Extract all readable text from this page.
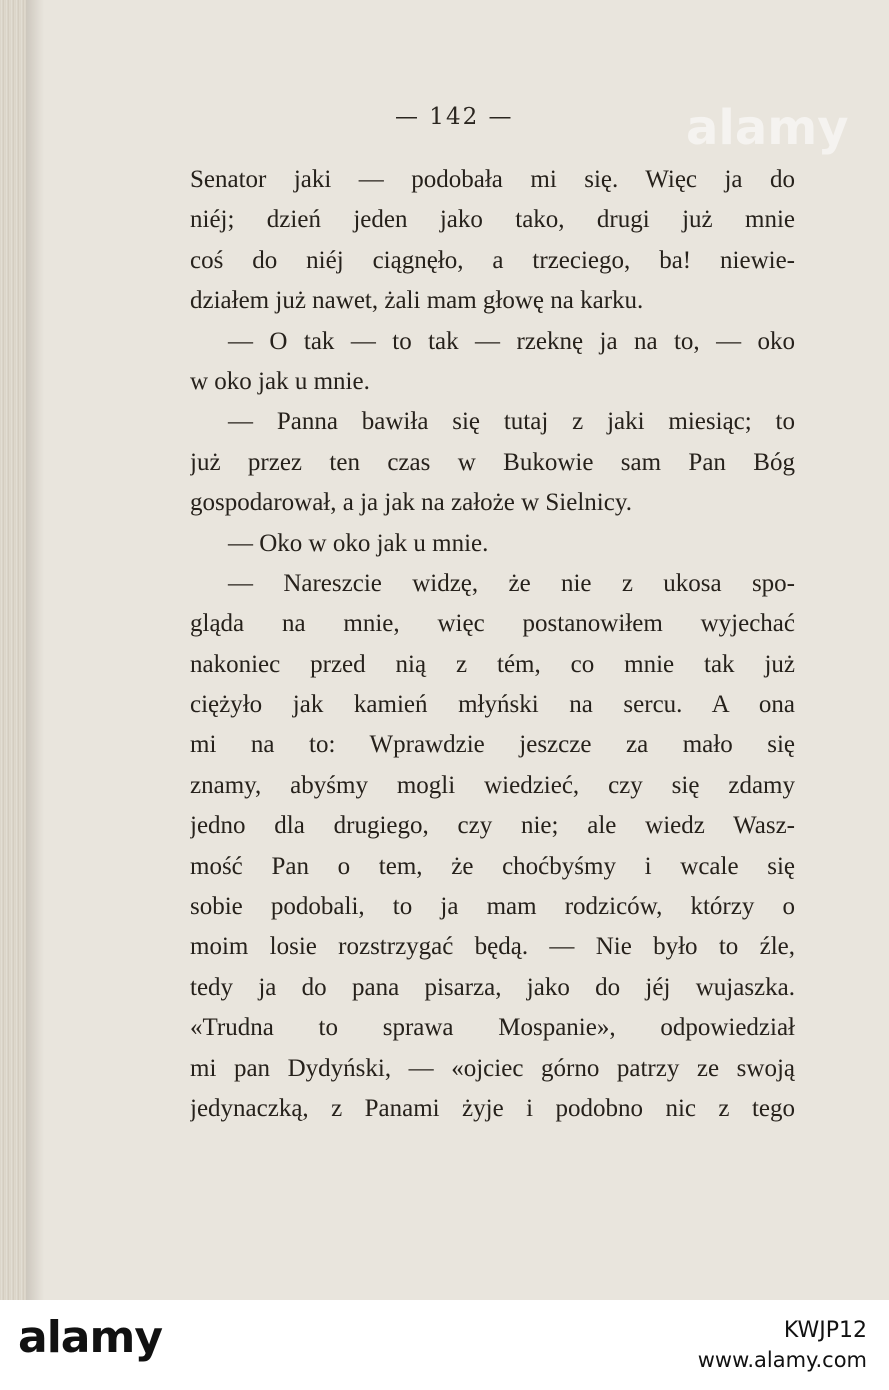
— 142 —
Senator jaki — podobała mi się. Więc ja do
niéj; dzień jeden jako tako, drugi już mnie
coś do niéj ciągnęło, a trzeciego, ba! niewie-
działem już nawet, żali mam głowę na karku.
— O tak — to tak — rzeknę ja na to, — oko
w oko jak u mnie.
— Panna bawiła się tutaj z jaki miesiąc; to
już przez ten czas w Bukowie sam Pan Bóg
gospodarował, a ja jak na założe w Sielnicy.
— Oko w oko jak u mnie.
— Nareszcie widzę, że nie z ukosa spo-
gląda na mnie, więc postanowiłem wyjechać
nakoniec przed nią z tém, co mnie tak już
ciężyło jak kamień młyński na sercu. A ona
mi na to: Wprawdzie jeszcze za mało się
znamy, abyśmy mogli wiedzieć, czy się zdamy
jedno dla drugiego, czy nie; ale wiedz Wasz-
mość Pan o tem, że choćbyśmy i wcale się
sobie podobali, to ja mam rodziców, którzy o
moim losie rozstrzygać będą. — Nie było to źle,
tedy ja do pana pisarza, jako do jéj wujaszka.
«Trudna to sprawa Mospanie», odpowiedział
mi pan Dydyński, — «ojciec górno patrzy ze swoją
jedynaczką, z Panami żyje i podobno nic z tego
alamy
alamy	KWJP12
www.alamy.com
